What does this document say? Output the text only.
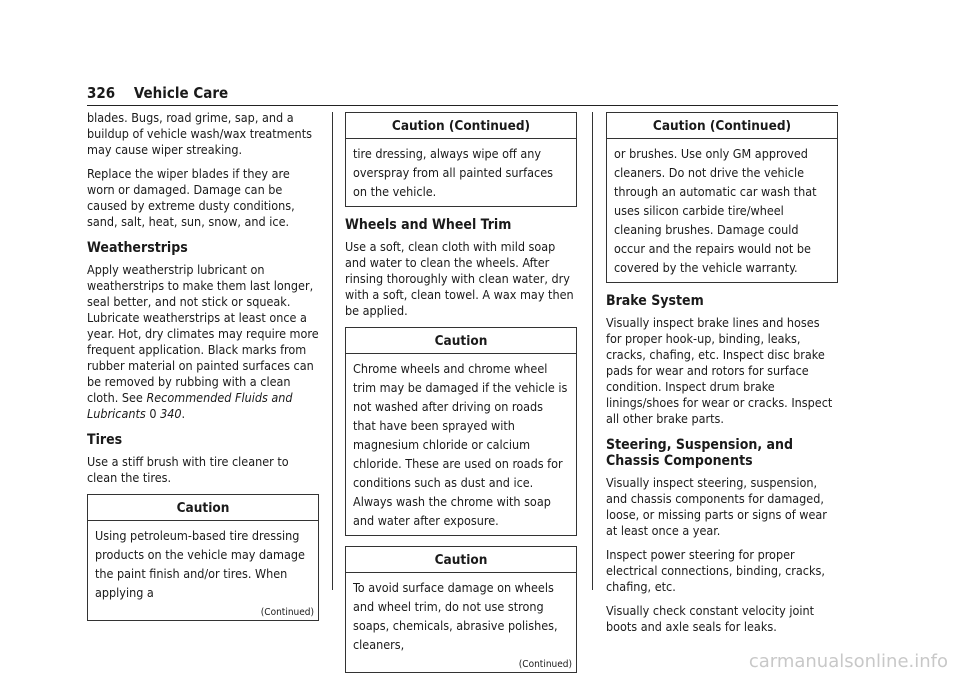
326 Vehicle Care

blades. Bugs, road grime, sap, and a buildup of vehicle wash/wax treatments may cause wiper streaking.

Replace the wiper blades if they are worn or damaged. Damage can be caused by extreme dusty conditions, sand, salt, heat, sun, snow, and ice.

Weatherstrips

Apply weatherstrip lubricant on weatherstrips to make them last longer, seal better, and not stick or squeak. Lubricate weatherstrips at least once a year. Hot, dry climates may require more frequent application. Black marks from rubber material on painted surfaces can be removed by rubbing with a clean cloth. See Recommended Fluids and Lubricants 0 340.

Tires

Use a stiff brush with tire cleaner to clean the tires.

Caution
Using petroleum-based tire dressing products on the vehicle may damage the paint finish and/or tires. When applying a
(Continued)
Caution (Continued)
tire dressing, always wipe off any overspray from all painted surfaces on the vehicle.
Wheels and Wheel Trim

Use a soft, clean cloth with mild soap and water to clean the wheels. After rinsing thoroughly with clean water, dry with a soft, clean towel. A wax may then be applied.

Caution
Chrome wheels and chrome wheel trim may be damaged if the vehicle is not washed after driving on roads that have been sprayed with magnesium chloride or calcium chloride. These are used on roads for conditions such as dust and ice. Always wash the chrome with soap and water after exposure.
Caution
To avoid surface damage on wheels and wheel trim, do not use strong soaps, chemicals, abrasive polishes, cleaners,
(Continued)
Caution (Continued)
or brushes. Use only GM approved cleaners. Do not drive the vehicle through an automatic car wash that uses silicon carbide tire/wheel cleaning brushes. Damage could occur and the repairs would not be covered by the vehicle warranty.
Brake System

Visually inspect brake lines and hoses for proper hook-up, binding, leaks, cracks, chafing, etc. Inspect disc brake pads for wear and rotors for surface condition. Inspect drum brake linings/shoes for wear or cracks. Inspect all other brake parts.

Steering, Suspension, and Chassis Components

Visually inspect steering, suspension, and chassis components for damaged, loose, or missing parts or signs of wear at least once a year.

Inspect power steering for proper electrical connections, binding, cracks, chafing, etc.

Visually check constant velocity joint boots and axle seals for leaks.

carmanualsonline.info
